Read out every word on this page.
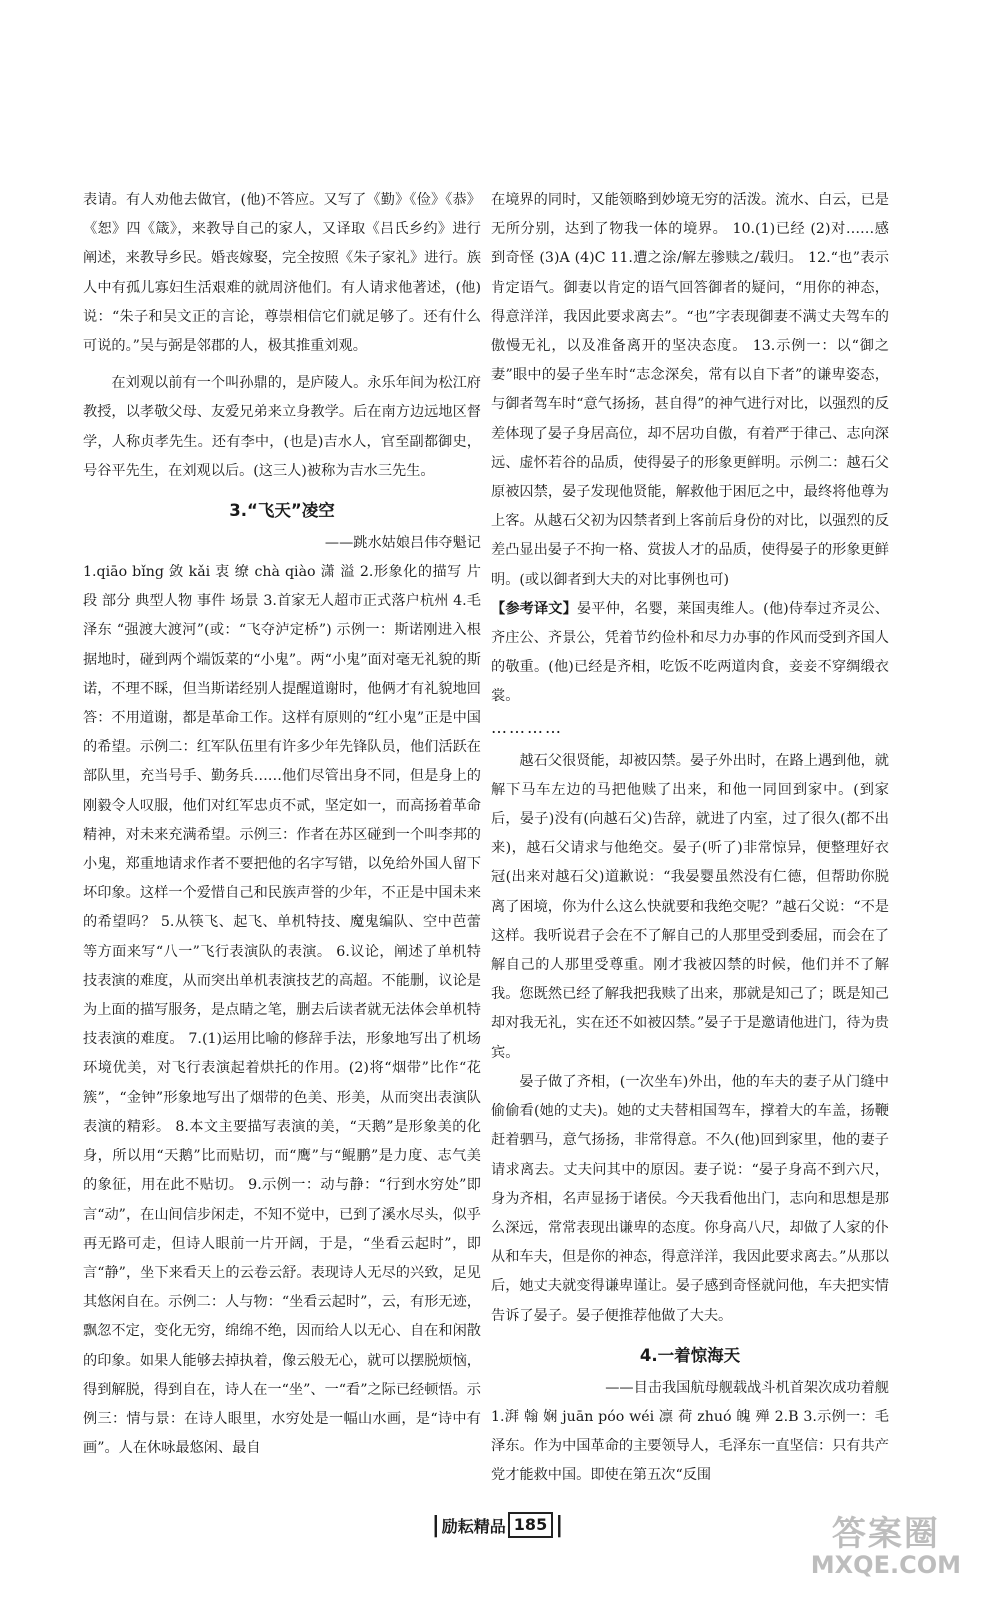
表请。有人劝他去做官，(他)不答应。又写了《勤》《俭》《恭》《恕》四《箴》，来教导自己的家人，又译取《吕氏乡约》进行阐述，来教导乡民。婚丧嫁娶，完全按照《朱子家礼》进行。族人中有孤儿寡妇生活艰难的就周济他们。有人请求他著述，(他)说：“朱子和吴文正的言论，尊崇相信它们就足够了。还有什么可说的。”吴与弼是邻郡的人，极其推重刘观。

在刘观以前有一个叫孙鼎的，是庐陵人。永乐年间为松江府教授，以孝敬父母、友爱兄弟来立身教学。后在南方边远地区督学，人称贞孝先生。还有李中，(也是)吉水人，官至副都御史，号谷平先生，在刘观以后。(这三人)被称为吉水三先生。

3.“飞天”凌空
——跳水姑娘吕伟夺魁记

1.qiāo bǐng 敛 kǎi 衷 缭 chà qiào 潇 溢 2.形象化的描写 片段 部分 典型人物 事件 场景 3.首家无人超市正式落户杭州 4.毛泽东 “强渡大渡河”(或：“飞夺泸定桥”) 示例一：斯诺刚进入根据地时，碰到两个端饭菜的“小鬼”。两“小鬼”面对毫无礼貌的斯诺，不理不睬，但当斯诺经别人提醒道谢时，他俩才有礼貌地回答：不用道谢，都是革命工作。这样有原则的“红小鬼”正是中国的希望。示例二：红军队伍里有许多少年先锋队员，他们活跃在部队里，充当号手、勤务兵……他们尽管出身不同，但是身上的刚毅令人叹服，他们对红军忠贞不贰，坚定如一，而高扬着革命精神，对未来充满希望。示例三：作者在苏区碰到一个叫李邦的小鬼，郑重地请求作者不要把他的名字写错，以免给外国人留下坏印象。这样一个爱惜自己和民族声誉的少年，不正是中国未来的希望吗？ 5.从筷飞、起飞、单机特技、魔鬼编队、空中芭蕾等方面来写“八一”飞行表演队的表演。 6.议论，阐述了单机特技表演的难度，从而突出单机表演技艺的高超。不能删，议论是为上面的描写服务，是点睛之笔，删去后读者就无法体会单机特技表演的难度。 7.(1)运用比喻的修辞手法，形象地写出了机场环境优美，对飞行表演起着烘托的作用。(2)将“烟带”比作“花簇”，“金钟”形象地写出了烟带的色美、形美，从而突出表演队表演的精彩。 8.本文主要描写表演的美，“天鹅”是形象美的化身，所以用“天鹅”比而贴切，而“鹰”与“鲲鹏”是力度、志气美的象征，用在此不贴切。 9.示例一：动与静：“行到水穷处”即言“动”，在山间信步闲走，不知不觉中，已到了溪水尽头，似乎再无路可走，但诗人眼前一片开阔，于是，“坐看云起时”，即言“静”，坐下来看天上的云卷云舒。表现诗人无尽的兴致，足见其悠闲自在。示例二：人与物：“坐看云起时”，云，有形无迹，飘忽不定，变化无穷，绵绵不绝，因而给人以无心、自在和闲散的印象。如果人能够去掉执着，像云般无心，就可以摆脱烦恼，得到解脱，得到自在，诗人在一“坐”、一“看”之际已经顿悟。示例三：情与景：在诗人眼里，水穷处是一幅山水画，是“诗中有画”。人在休咏最悠闲、最自

在境界的同时，又能领略到妙境无穷的活泼。流水、白云，已是无所分别，达到了物我一体的境界。 10.(1)已经 (2)对……感到奇怪 (3)A (4)C 11.遭之涂/解左骖赎之/载归。 12.“也”表示肯定语气。御妻以肯定的语气回答御者的疑问，“用你的神态，得意洋洋，我因此要求离去”。“也”字表现御妻不满丈夫驾车的傲慢无礼，以及准备离开的坚决态度。 13.示例一：以“御之妻”眼中的晏子坐车时“志念深矣，常有以自下者”的谦卑姿态，与御者驾车时“意气扬扬，甚自得”的神气进行对比，以强烈的反差体现了晏子身居高位，却不居功自傲，有着严于律己、志向深远、虚怀若谷的品质，使得晏子的形象更鲜明。示例二：越石父原被囚禁，晏子发现他贤能，解救他于困厄之中，最终将他尊为上客。从越石父初为囚禁者到上客前后身份的对比，以强烈的反差凸显出晏子不拘一格、赏拔人才的品质，使得晏子的形象更鲜明。(或以御者到大夫的对比事例也可)

【参考译文】晏平仲，名婴，莱国夷维人。(他)侍奉过齐灵公、齐庄公、齐景公，凭着节约俭朴和尽力办事的作风而受到齐国人的敬重。(他)已经是齐相，吃饭不吃两道肉食，妾妾不穿绸缎衣裳。

…………

越石父很贤能，却被囚禁。晏子外出时，在路上遇到他，就解下马车左边的马把他赎了出来，和他一同回到家中。(到家后，晏子)没有(向越石父)告辞，就进了内室，过了很久(都不出来)，越石父请求与他绝交。晏子(听了)非常惊异，便整理好衣冠(出来对越石父)道歉说：“我晏婴虽然没有仁德，但帮助你脱离了困境，你为什么这么快就要和我绝交呢？”越石父说：“不是这样。我听说君子会在不了解自己的人那里受到委屈，而会在了解自己的人那里受尊重。刚才我被囚禁的时候，他们并不了解我。您既然已经了解我把我赎了出来，那就是知己了；既是知己却对我无礼，实在还不如被囚禁。”晏子于是邀请他进门，待为贵宾。

晏子做了齐相，(一次坐车)外出，他的车夫的妻子从门缝中偷偷看(她的丈夫)。她的丈夫替相国驾车，撑着大的车盖，扬鞭赶着驷马，意气扬扬，非常得意。不久(他)回到家里，他的妻子请求离去。丈夫问其中的原因。妻子说：“晏子身高不到六尺，身为齐相，名声显扬于诸侯。今天我看他出门，志向和思想是那么深远，常常表现出谦卑的态度。你身高八尺，却做了人家的仆从和车夫，但是你的神态，得意洋洋，我因此要求离去。”从那以后，她丈夫就变得谦卑谨让。晏子感到奇怪就问他，车夫把实情告诉了晏子。晏子便推荐他做了大夫。

4.一着惊海天
——目击我国航母舰载战斗机首架次成功着舰

1.湃 翰 娴 juān póo wéi 凛 荷 zhuó 魄 殚 2.B 3.示例一：毛泽东。作为中国革命的主要领导人，毛泽东一直坚信：只有共产党才能救中国。即使在第五次“反围

| 励耘精品 185 |	答案圈
MXQE.COM
